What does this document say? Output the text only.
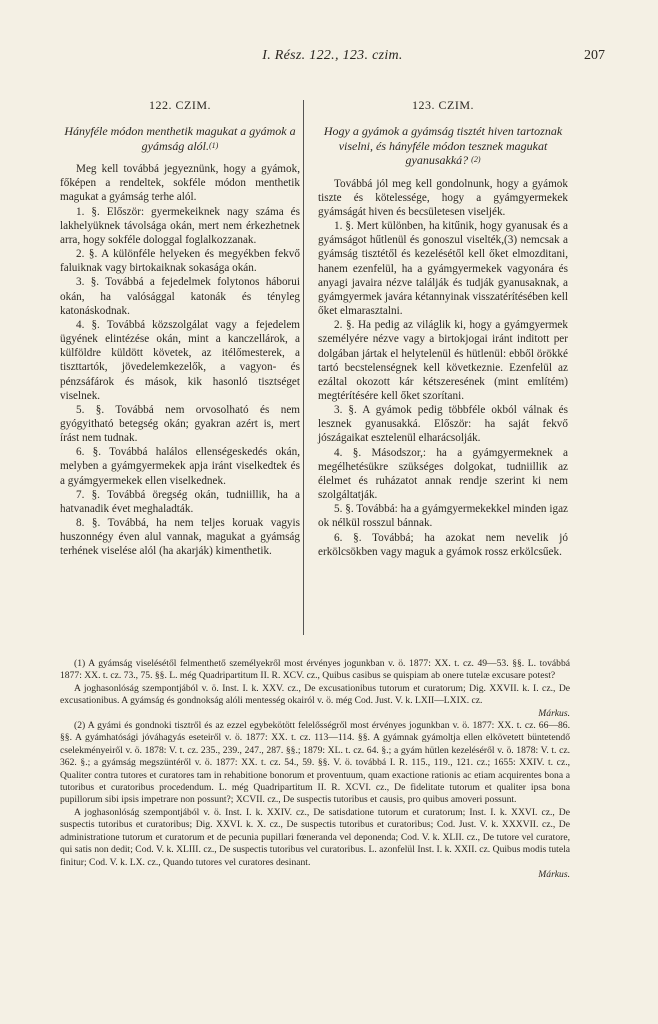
I. Rész. 122., 123. czim.	207
122. CZIM.
Hányféle módon menthetik magukat a gyámok a gyámság alól.$^{(1)}$

Meg kell továbbá jegyeznünk, hogy a gyámok, főképen a rendeltek, sokféle módon menthetik magukat a gyámság terhe alól.

1. §. Először: gyermekeiknek nagy száma és lakhelyüknek távolsága okán, mert nem érkezhetnek arra, hogy sokféle dologgal foglalkozzanak.

2. §. A különféle helyeken és megyékben fekvő faluiknak vagy birtokaiknak sokasága okán.

3. §. Továbbá a fejedelmek folytonos háborui okán, ha valósággal katonák és tényleg katonáskodnak.

4. §. Továbbá közszolgálat vagy a fejedelem ügyének elintézése okán, mint a kanczellárok, a külföldre küldött követek, az itélőmesterek, a tiszttartók, jövedelemkezelők, a vagyon- és pénzsáfárok és mások, kik hasonló tisztséget viselnek.

5. §. Továbbá nem orvosolható és nem gyógyitható betegség okán; gyakran azért is, mert írást nem tudnak.

6. §. Továbbá halálos ellenségeskedés okán, melyben a gyámgyermekek apja iránt viselkedtek és a gyámgyermekek ellen viselkednek.

7. §. Továbbá öregség okán, tudniillik, ha a hatvanadik évet meghaladták.

8. §. Továbbá, ha nem teljes koruak vagyis huszonnégy éven alul vannak, magukat a gyámság terhének viselése alól (ha akarják) kimenthetik.

123. CZIM.
Hogy a gyámok a gyámság tisztét hiven tartoznak viselni, és hányféle módon tesznek magukat gyanusakká? $^{(2)}$

Továbbá jól meg kell gondolnunk, hogy a gyámok tiszte és kötelessége, hogy a gyámgyermekek gyámságát hiven és becsületesen viseljék.

1. §. Mert különben, ha kitűnik, hogy gyanusak és a gyámságot hűtlenül és gonoszul viselték,(3) nemcsak a gyámság tisztétől és kezelésétől kell őket elmozditani, hanem ezenfelül, ha a gyámgyermekek vagyonára és anyagi javaira nézve találják és tudják gyanusaknak, a gyámgyermek javára kétannyinak visszatérítésében kell őket elmarasztalni.

2. §. Ha pedig az világlik ki, hogy a gyámgyermek személyére nézve vagy a birtokjogai iránt inditott per dolgában jártak el helytelenül és hütlenül: ebből örökké tartó becstelenségnek kell következnie. Ezenfelül az ezáltal okozott kár kétszeresének (mint említém) megtérítésére kell őket szorítani.

3. §. A gyámok pedig többféle okból válnak és lesznek gyanusakká. Először: ha saját fekvő jószágaikat esztelenül elharácsolják.

4. §. Másodszor,: ha a gyámgyermeknek a megélhetésükre szükséges dolgokat, tudniillik az élelmet és ruházatot annak rendje szerint ki nem szolgáltatják.

5. §. Továbbá: ha a gyámgyermekekkel minden igaz ok nélkül rosszul bánnak.

6. §. Továbbá; ha azokat nem nevelik jó erkölcsökben vagy maguk a gyámok rossz erkölcsűek.

(1) A gyámság viselésétől felmenthető személyekről most érvényes jogunkban v. ö. 1877: XX. t. cz. 49—53. §§. L. továbbá 1877: XX. t. cz. 73., 75. §§. L. még Quadripartitum II. R. XCV. cz., Quibus casibus se quispiam ab onere tutelæ excusare potest?

A joghasonlóság szempontjából v. ö. Inst. I. k. XXV. cz., De excusationibus tutorum et curatorum; Dig. XXVII. k. I. cz., De excusationibus. A gyámság és gondnokság alóli mentesség okairól v. ö. még Cod. Just. V. k. LXII—LXIX. cz.
Márkus.

(2) A gyámi és gondnoki tisztről és az ezzel egybekötött felelősségről most érvényes jogunkban v. ö. 1877: XX. t. cz. 66—86. §§. A gyámhatósági jóváhagyás eseteiről v. ö. 1877: XX. t. cz. 113—114. §§. A gyámnak gyámoltja ellen elkövetett büntetendő cselekményeiről v. ö. 1878: V. t. cz. 235., 239., 247., 287. §§.; 1879: XL. t. cz. 64. §.; a gyám hütlen kezeléséről v. ö. 1878: V. t. cz. 362. §.; a gyámság megszüntéről v. ö. 1877: XX. t. cz. 54., 59. §§. V. ö. továbbá I. R. 115., 119., 121. cz.; 1655: XXIV. t. cz., Qualiter contra tutores et curatores tam in rehabitione bonorum et proventuum, quam exactione rationis ac etiam acquirentes bona a tutoribus et curatoribus procedendum. L. még Quadripartitum II. R. XCVI. cz., De fidelitate tutorum et qualiter ipsa bona pupillorum sibi ipsis impetrare non possunt?; XCVII. cz., De suspectis tutoribus et causis, pro quibus amoveri possunt.

A joghasonlóság szempontjából v. ö. Inst. I. k. XXIV. cz., De satisdatione tutorum et curatorum; Inst. I. k. XXVI. cz., De suspectis tutoribus et curatoribus; Dig. XXVI. k. X. cz., De suspectis tutoribus et curatoribus; Cod. Just. V. k. XXXVII. cz., De administratione tutorum et curatorum et de pecunia pupillari fœneranda vel deponenda; Cod. V. k. XLII. cz., De tutore vel curatore, qui satis non dedit; Cod. V. k. XLIII. cz., De suspectis tutoribus vel curatoribus. L. azonfelül Inst. I. k. XXII. cz. Quibus modis tutela finitur; Cod. V. k. LX. cz., Quando tutores vel curatores desinant.
Márkus.
